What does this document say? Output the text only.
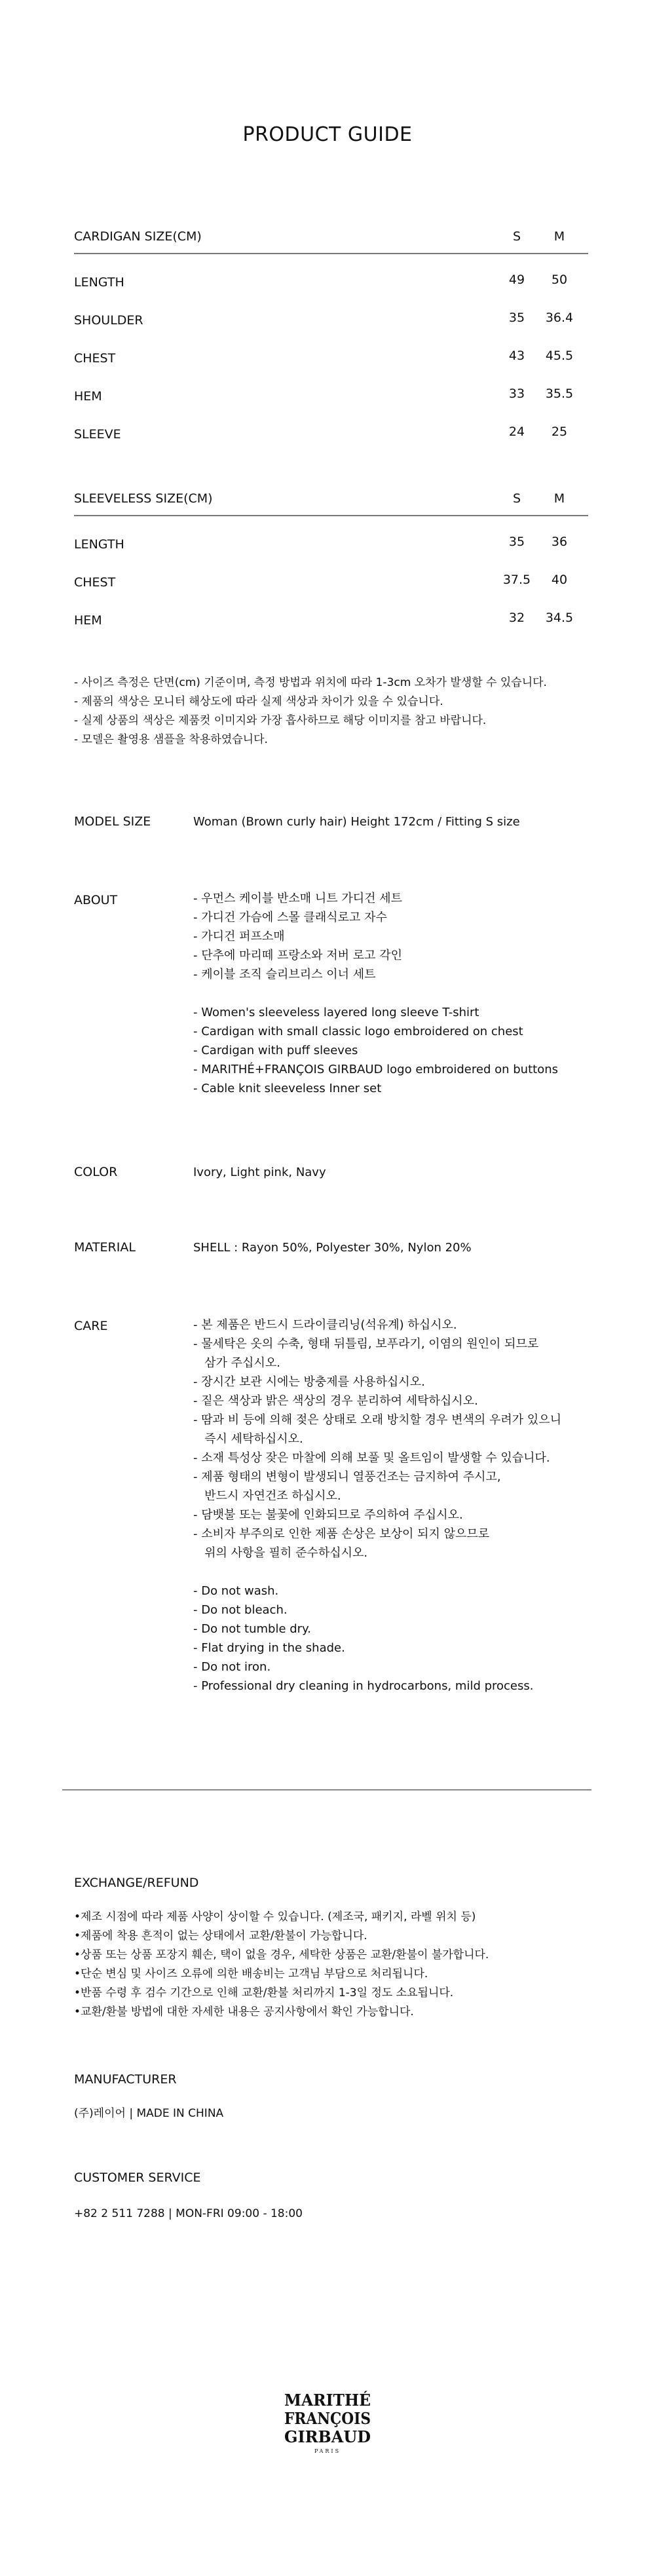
PRODUCT GUIDE
CARDIGAN SIZE(CM)	S	M
LENGTH	49	50
SHOULDER	35	36.4
CHEST	43	45.5
HEM	33	35.5
SLEEVE	24	25
SLEEVELESS SIZE(CM)	S	M
LENGTH	35	36
CHEST	37.5	40
HEM	32	34.5

- 사이즈 측정은 단면(cm) 기준이며, 측정 방법과 위치에 따라 1-3cm 오차가 발생할 수 있습니다.

- 제품의 색상은 모니터 해상도에 따라 실제 색상과 차이가 있을 수 있습니다.

- 실제 상품의 색상은 제품컷 이미지와 가장 흡사하므로 해당 이미지를 참고 바랍니다.

- 모델은 촬영용 샘플을 착용하였습니다.

MODEL SIZE	Woman (Brown curly hair) Height 172cm / Fitting S size

ABOUT	- 우먼스 케이블 반소매 니트 가디건 세트

- 가디건 가슴에 스몰 클래식로고 자수

- 가디건 퍼프소매

- 단추에 마리떼 프랑소와 저버 로고 각인

- 케이블 조직 슬리브리스 이너 세트

- Women's sleeveless layered long sleeve T-shirt

- Cardigan with small classic logo embroidered on chest

- Cardigan with puff sleeves

- MARITHÉ+FRANÇOIS GIRBAUD logo embroidered on buttons

- Cable knit sleeveless Inner set

COLOR	Ivory, Light pink, Navy

MATERIAL	SHELL : Rayon 50%, Polyester 30%, Nylon 20%

CARE	- 본 제품은 반드시 드라이클리닝(석유계) 하십시오.

- 물세탁은 옷의 수축, 형태 뒤틀림, 보푸라기, 이염의 원인이 되므로

삼가 주십시오.

- 장시간 보관 시에는 방충제를 사용하십시오.

- 짙은 색상과 밝은 색상의 경우 분리하여 세탁하십시오.

- 땀과 비 등에 의해 젖은 상태로 오래 방치할 경우 변색의 우려가 있으니

즉시 세탁하십시오.

- 소재 특성상 잦은 마찰에 의해 보풀 및 올트임이 발생할 수 있습니다.

- 제품 형태의 변형이 발생되니 열풍건조는 금지하여 주시고,

반드시 자연건조 하십시오.

- 담뱃불 또는 불꽃에 인화되므로 주의하여 주십시오.

- 소비자 부주의로 인한 제품 손상은 보상이 되지 않으므로

위의 사항을 필히 준수하십시오.

- Do not wash.

- Do not bleach.

- Do not tumble dry.

- Flat drying in the shade.

- Do not iron.

- Professional dry cleaning in hydrocarbons, mild process.

EXCHANGE/REFUND

•제조 시점에 따라 제품 사양이 상이할 수 있습니다. (제조국, 패키지, 라벨 위치 등)

•제품에 착용 흔적이 없는 상태에서 교환/환불이 가능합니다.

•상품 또는 상품 포장지 훼손, 택이 없을 경우, 세탁한 상품은 교환/환불이 불가합니다.

•단순 변심 및 사이즈 오류에 의한 배송비는 고객님 부담으로 처리됩니다.

•반품 수령 후 검수 기간으로 인해 교환/환불 처리까지 1-3일 정도 소요됩니다.

•교환/환불 방법에 대한 자세한 내용은 공지사항에서 확인 가능합니다.

MANUFACTURER

(주)레이어 | MADE IN CHINA

CUSTOMER SERVICE

+82 2 511 7288 | MON-FRI 09:00 - 18:00

MARITHÉ
FRANÇOIS
GIRBAUD
PARIS
